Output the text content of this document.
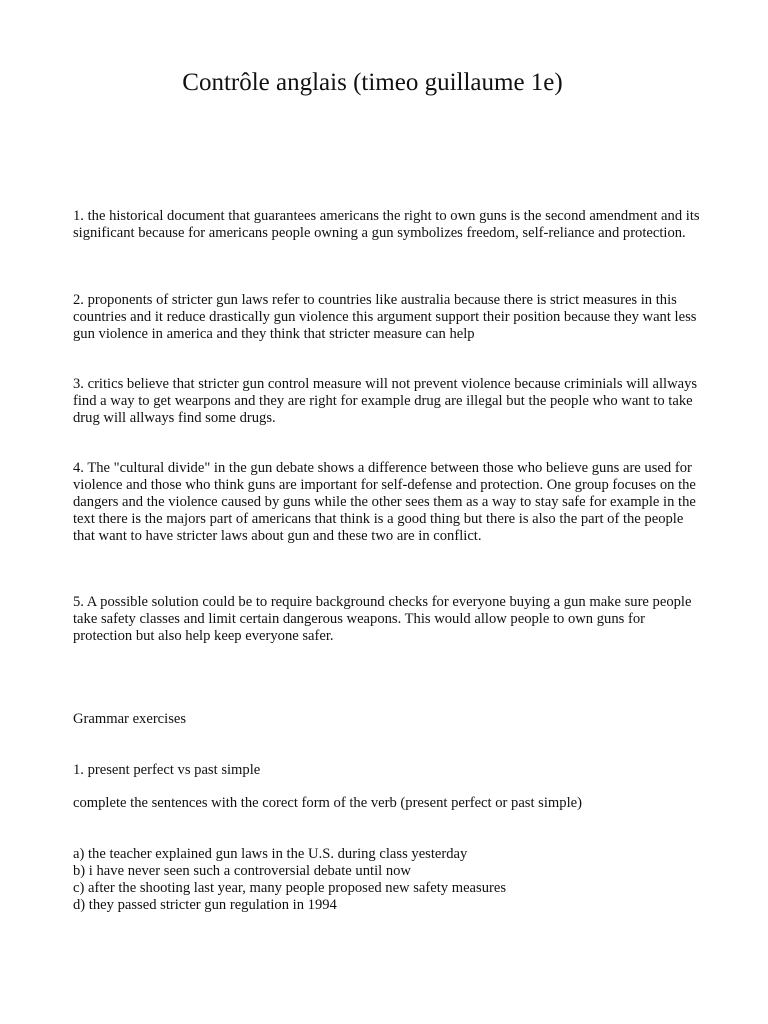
Contrôle anglais (timeo guillaume 1e)

1. the historical document that guarantees americans the right to own guns is the second amendment and its significant because for americans people owning a gun symbolizes freedom, self-reliance and protection.

2. proponents of stricter gun laws refer to countries like australia because there is strict measures in this countries and it reduce drastically gun violence this argument support their position because they want less gun violence in america and they think that stricter measure can help

3. critics believe that stricter gun control measure will not prevent violence because criminials will allways find a way to get wearpons and they are right for example drug are illegal but the people who want to take drug will allways find some drugs.

4. The "cultural divide" in the gun debate shows a difference between those who believe guns are used for violence and those who think guns are important for self-defense and protection. One group focuses on the dangers and the violence caused by guns while the other sees them as a way to stay safe for example in the text there is the majors part of americans that think is a good thing but there is also the part of the people that want to have stricter laws about gun and these two are in conflict.

5. A possible solution could be to require background checks for everyone buying a gun make sure people take safety classes and limit certain dangerous weapons. This would allow people to own guns for protection but also help keep everyone safer.

Grammar exercises

1. present perfect vs past simple

complete the sentences with the corect form of the verb (present perfect or past simple)

a) the teacher explained gun laws in the U.S. during class yesterday
b) i have never seen such a controversial debate until now
c) after the shooting last year, many people proposed new safety measures
d) they passed stricter gun regulation in 1994
